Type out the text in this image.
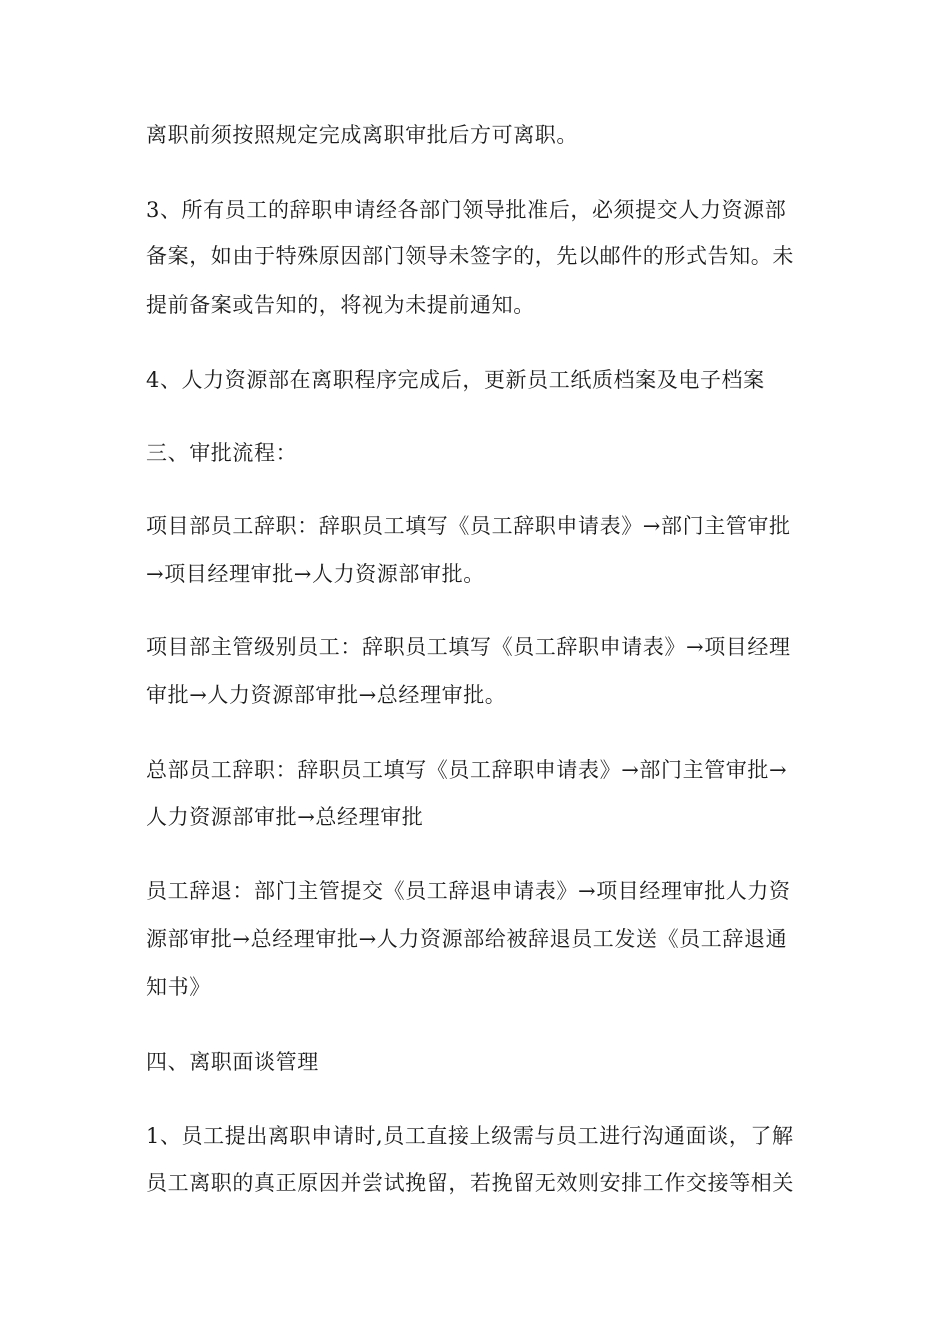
离职前须按照规定完成离职审批后方可离职。
3、所有员工的辞职申请经各部门领导批准后，必须提交人力资源部
备案，如由于特殊原因部门领导未签字的，先以邮件的形式告知。未
提前备案或告知的，将视为未提前通知。
4、人力资源部在离职程序完成后，更新员工纸质档案及电子档案
三、审批流程：
项目部员工辞职：辞职员工填写《员工辞职申请表》→部门主管审批
→项目经理审批→人力资源部审批。
项目部主管级别员工：辞职员工填写《员工辞职申请表》→项目经理
审批→人力资源部审批→总经理审批。
总部员工辞职：辞职员工填写《员工辞职申请表》→部门主管审批→
人力资源部审批→总经理审批
员工辞退：部门主管提交《员工辞退申请表》→项目经理审批人力资
源部审批→总经理审批→人力资源部给被辞退员工发送《员工辞退通
知书》
四、离职面谈管理
1、员工提出离职申请时,员工直接上级需与员工进行沟通面谈，了解
员工离职的真正原因并尝试挽留，若挽留无效则安排工作交接等相关
